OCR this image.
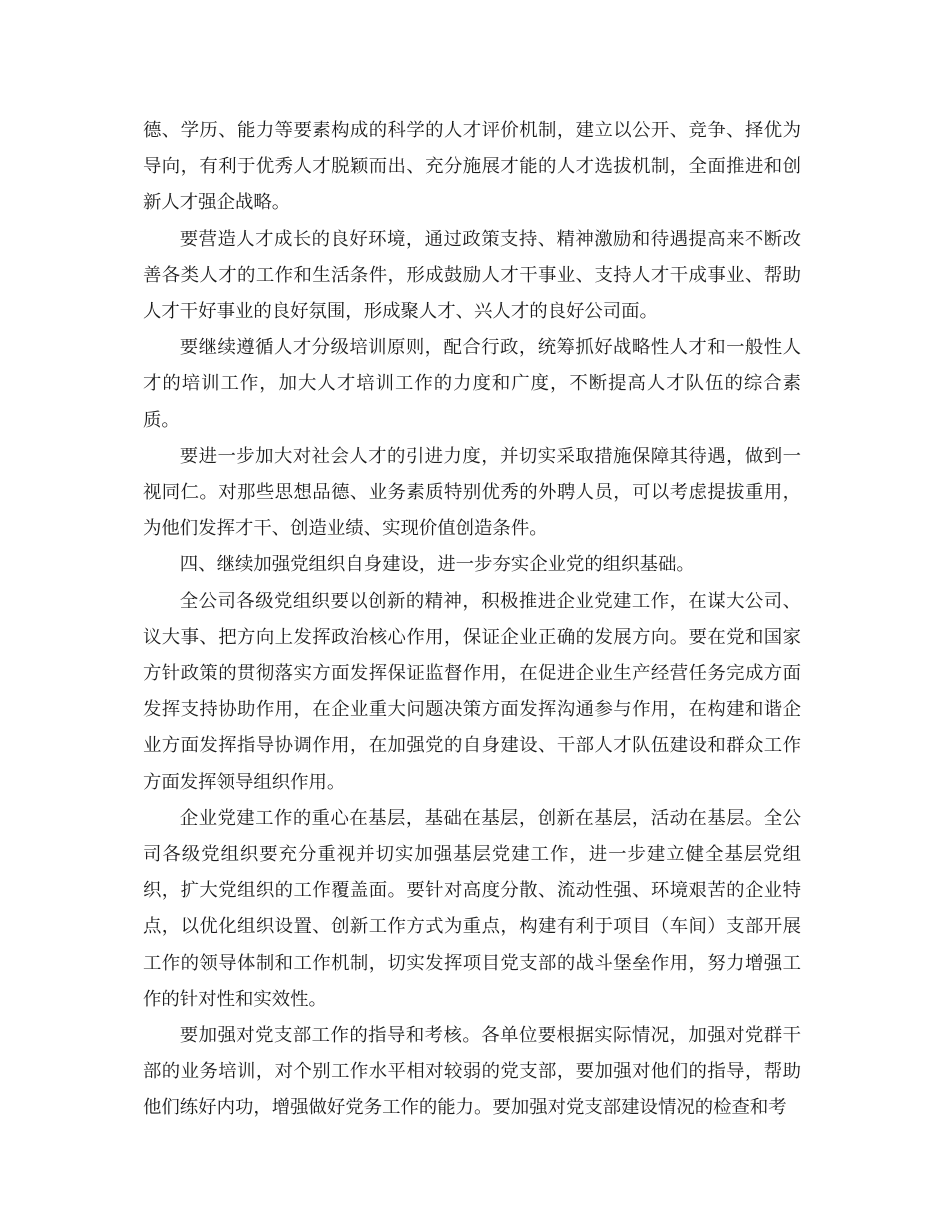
德、学历、能力等要素构成的科学的人才评价机制，建立以公开、竞争、择优为导向，有利于优秀人才脱颖而出、充分施展才能的人才选拔机制，全面推进和创新人才强企战略。

要营造人才成长的良好环境，通过政策支持、精神激励和待遇提高来不断改善各类人才的工作和生活条件，形成鼓励人才干事业、支持人才干成事业、帮助人才干好事业的良好氛围，形成聚人才、兴人才的良好公司面。

要继续遵循人才分级培训原则，配合行政，统筹抓好战略性人才和一般性人才的培训工作，加大人才培训工作的力度和广度，不断提高人才队伍的综合素质。

要进一步加大对社会人才的引进力度，并切实采取措施保障其待遇，做到一视同仁。对那些思想品德、业务素质特别优秀的外聘人员，可以考虑提拔重用，为他们发挥才干、创造业绩、实现价值创造条件。

四、继续加强党组织自身建设，进一步夯实企业党的组织基础。

全公司各级党组织要以创新的精神，积极推进企业党建工作，在谋大公司、议大事、把方向上发挥政治核心作用，保证企业正确的发展方向。要在党和国家方针政策的贯彻落实方面发挥保证监督作用，在促进企业生产经营任务完成方面发挥支持协助作用，在企业重大问题决策方面发挥沟通参与作用，在构建和谐企业方面发挥指导协调作用，在加强党的自身建设、干部人才队伍建设和群众工作方面发挥领导组织作用。

企业党建工作的重心在基层，基础在基层，创新在基层，活动在基层。全公司各级党组织要充分重视并切实加强基层党建工作，进一步建立健全基层党组织，扩大党组织的工作覆盖面。要针对高度分散、流动性强、环境艰苦的企业特点，以优化组织设置、创新工作方式为重点，构建有利于项目（车间）支部开展工作的领导体制和工作机制，切实发挥项目党支部的战斗堡垒作用，努力增强工作的针对性和实效性。

要加强对党支部工作的指导和考核。各单位要根据实际情况，加强对党群干部的业务培训，对个别工作水平相对较弱的党支部，要加强对他们的指导，帮助他们练好内功，增强做好党务工作的能力。要加强对党支部建设情况的检查和考
